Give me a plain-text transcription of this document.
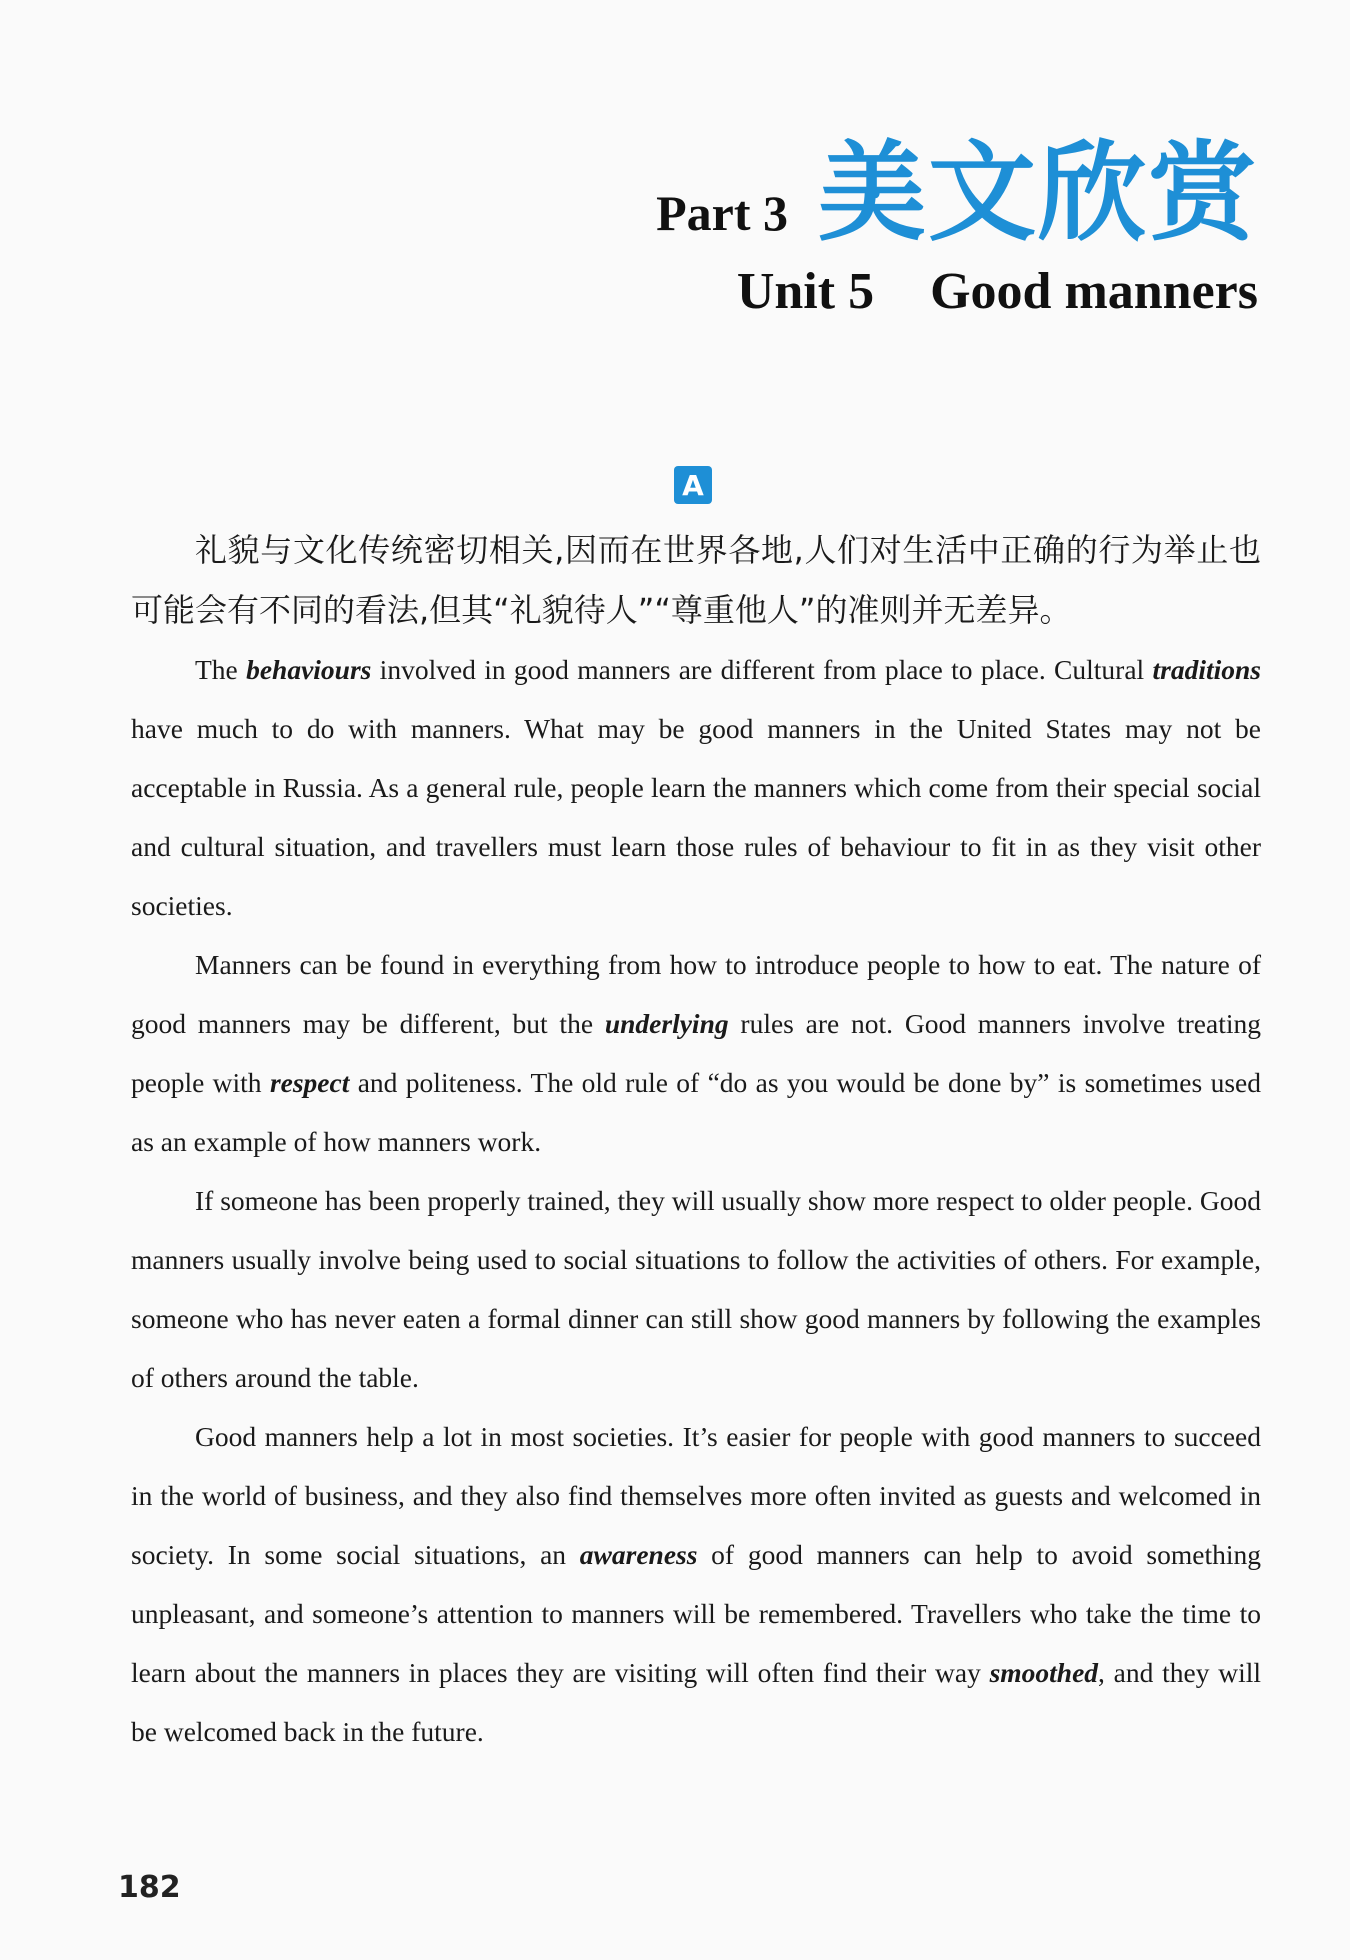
Part 3 美文欣赏
Unit 5 Good manners
A

礼貌与文化传统密切相关,因而在世界各地,人们对生活中正确的行为举止也可能会有不同的看法,但其“礼貌待人”“尊重他人”的准则并无差异。

The behaviours involved in good manners are different from place to place. Cultural traditions have much to do with manners. What may be good manners in the United States may not be acceptable in Russia. As a general rule, people learn the manners which come from their special social and cultural situation, and travellers must learn those rules of behaviour to fit in as they visit other societies.

Manners can be found in everything from how to introduce people to how to eat. The nature of good manners may be different, but the underlying rules are not. Good manners involve treating people with respect and politeness. The old rule of “do as you would be done by” is sometimes used as an example of how manners work.

If someone has been properly trained, they will usually show more respect to older people. Good manners usually involve being used to social situations to follow the activities of others. For example, someone who has never eaten a formal dinner can still show good manners by following the examples of others around the table.

Good manners help a lot in most societies. It’s easier for people with good manners to succeed in the world of business, and they also find themselves more often invited as guests and welcomed in society. In some social situations, an awareness of good manners can help to avoid something unpleasant, and someone’s attention to manners will be remembered. Travellers who take the time to learn about the manners in places they are visiting will often find their way smoothed, and they will be welcomed back in the future.

182
